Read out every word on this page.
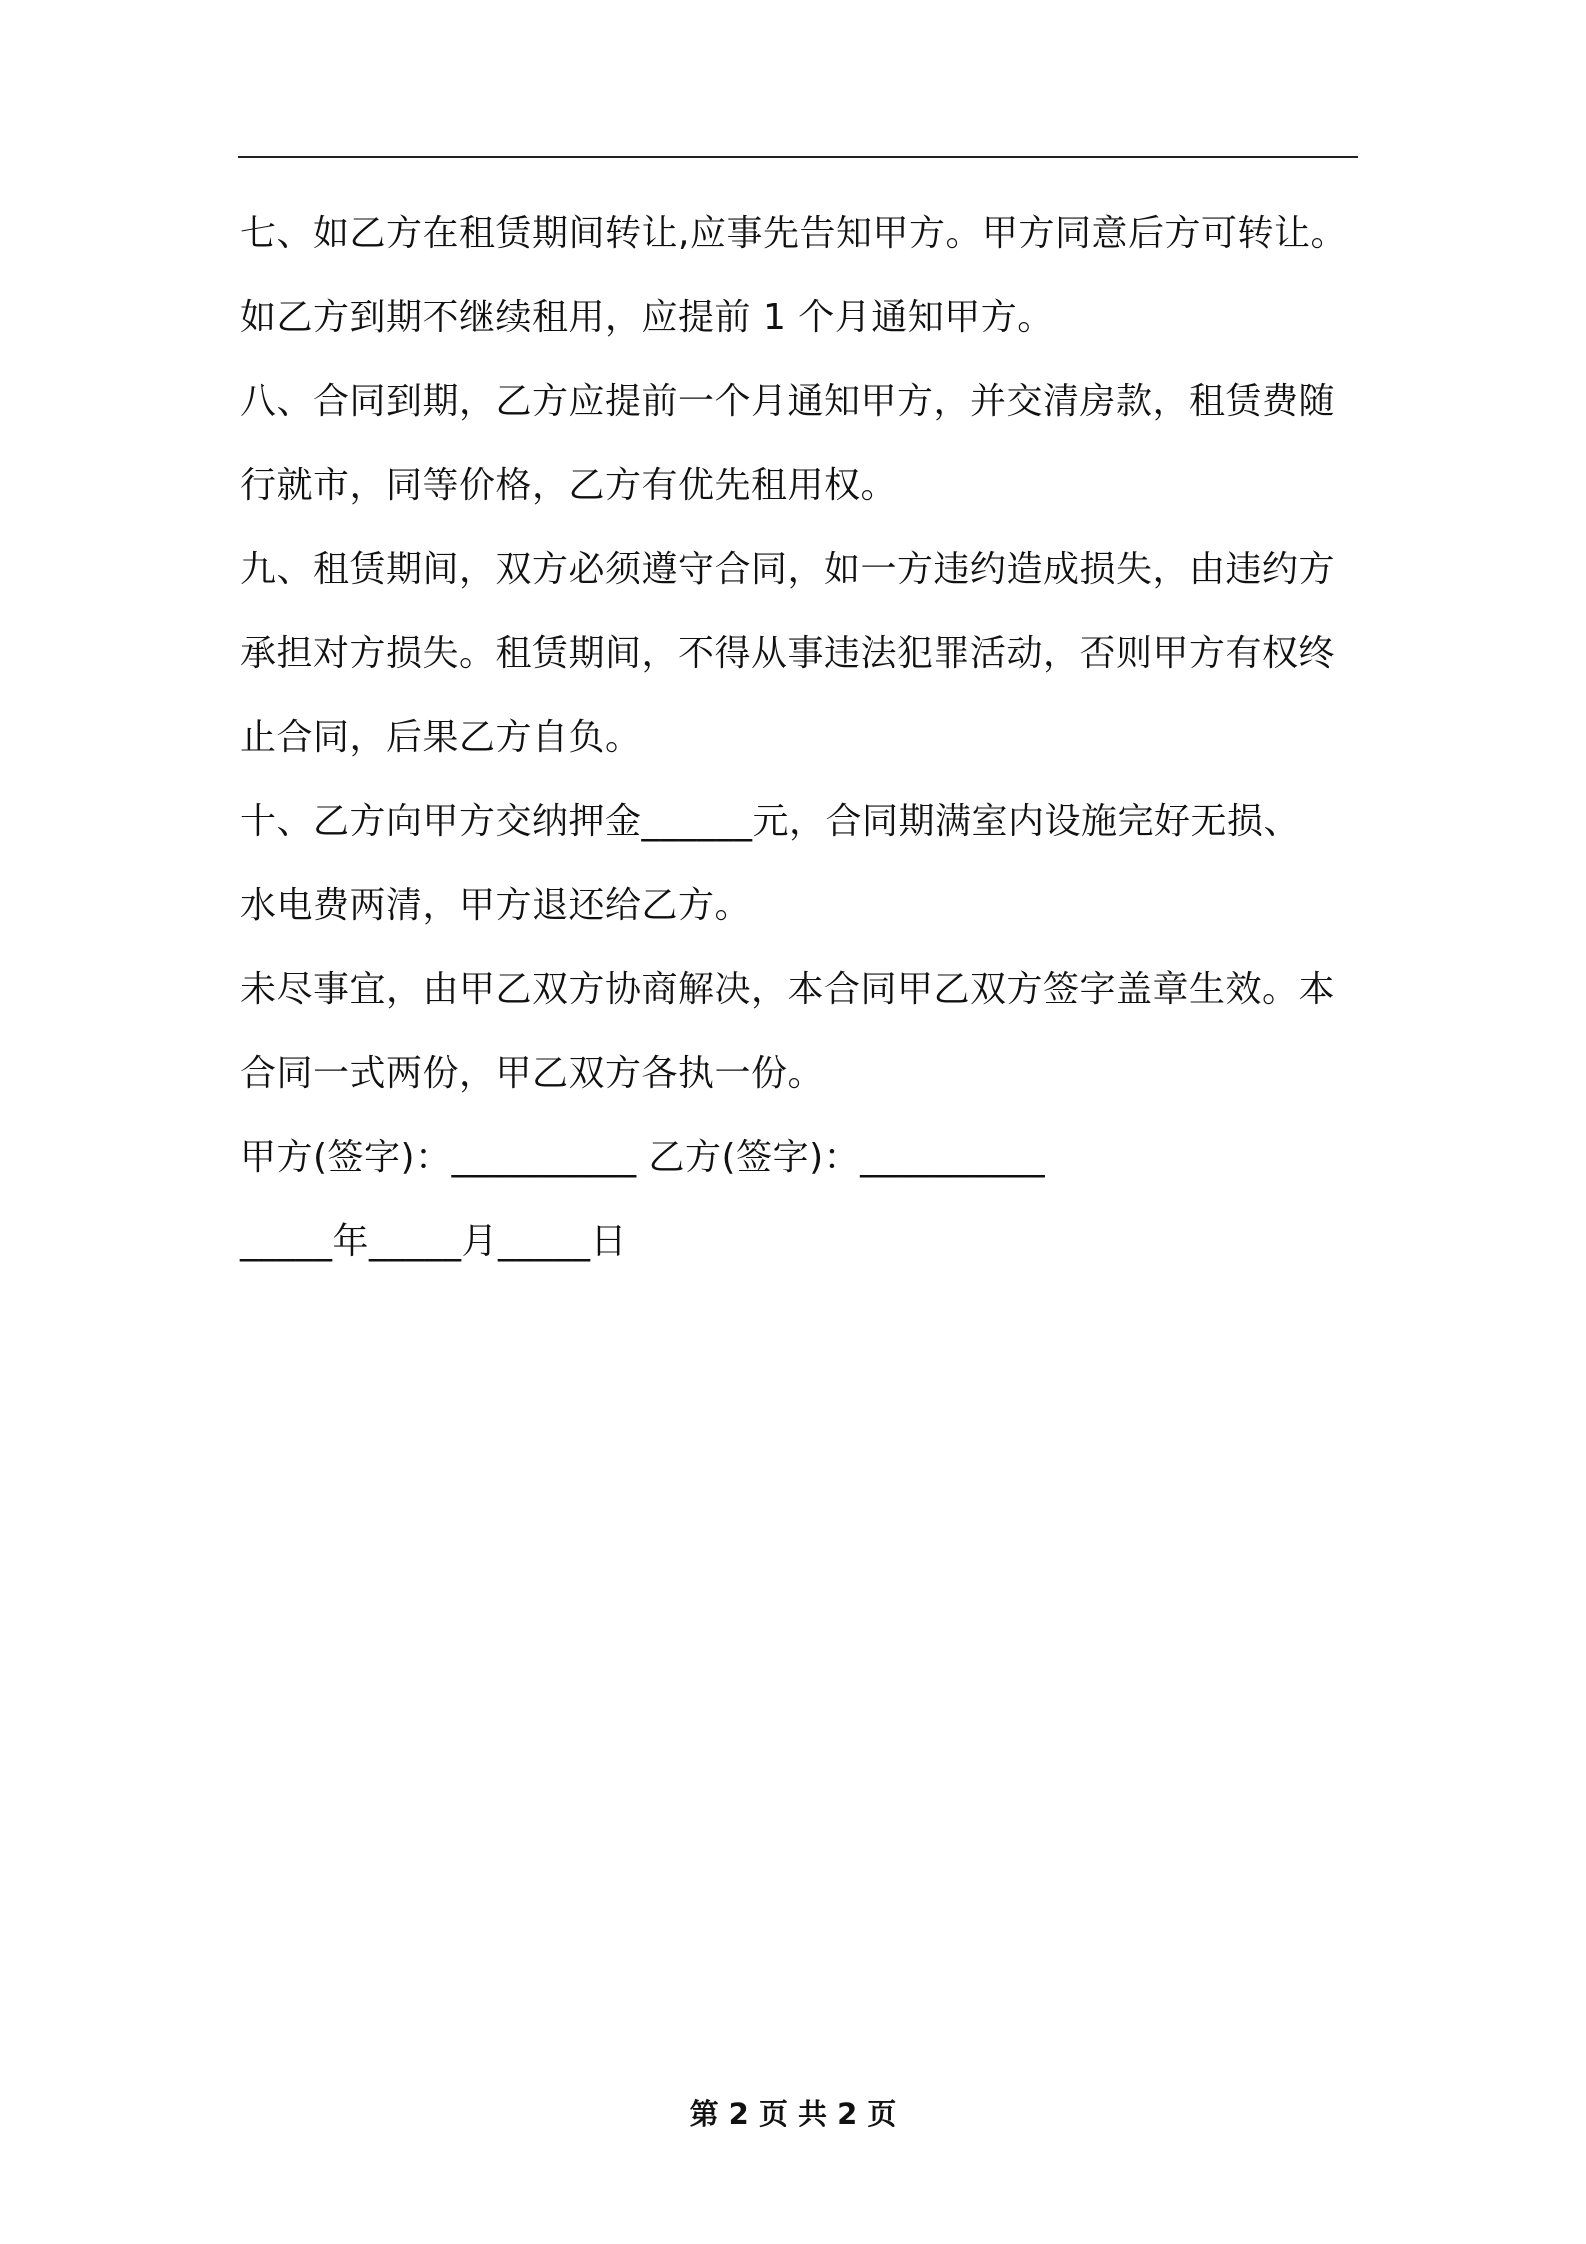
七、如乙方在租赁期间转让,应事先告知甲方。甲方同意后方可转让。
如乙方到期不继续租用，应提前 1 个月通知甲方。
八、合同到期，乙方应提前一个月通知甲方，并交清房款，租赁费随
行就市，同等价格，乙方有优先租用权。
九、租赁期间，双方必须遵守合同，如一方违约造成损失，由违约方
承担对方损失。租赁期间，不得从事违法犯罪活动，否则甲方有权终
止合同，后果乙方自负。
十、乙方向甲方交纳押金______元，合同期满室内设施完好无损、
水电费两清，甲方退还给乙方。
未尽事宜，由甲乙双方协商解决，本合同甲乙双方签字盖章生效。本
合同一式两份，甲乙双方各执一份。
甲方(签字)：__________ 乙方(签字)：__________
_____年_____月_____日
第 2 页 共 2 页
